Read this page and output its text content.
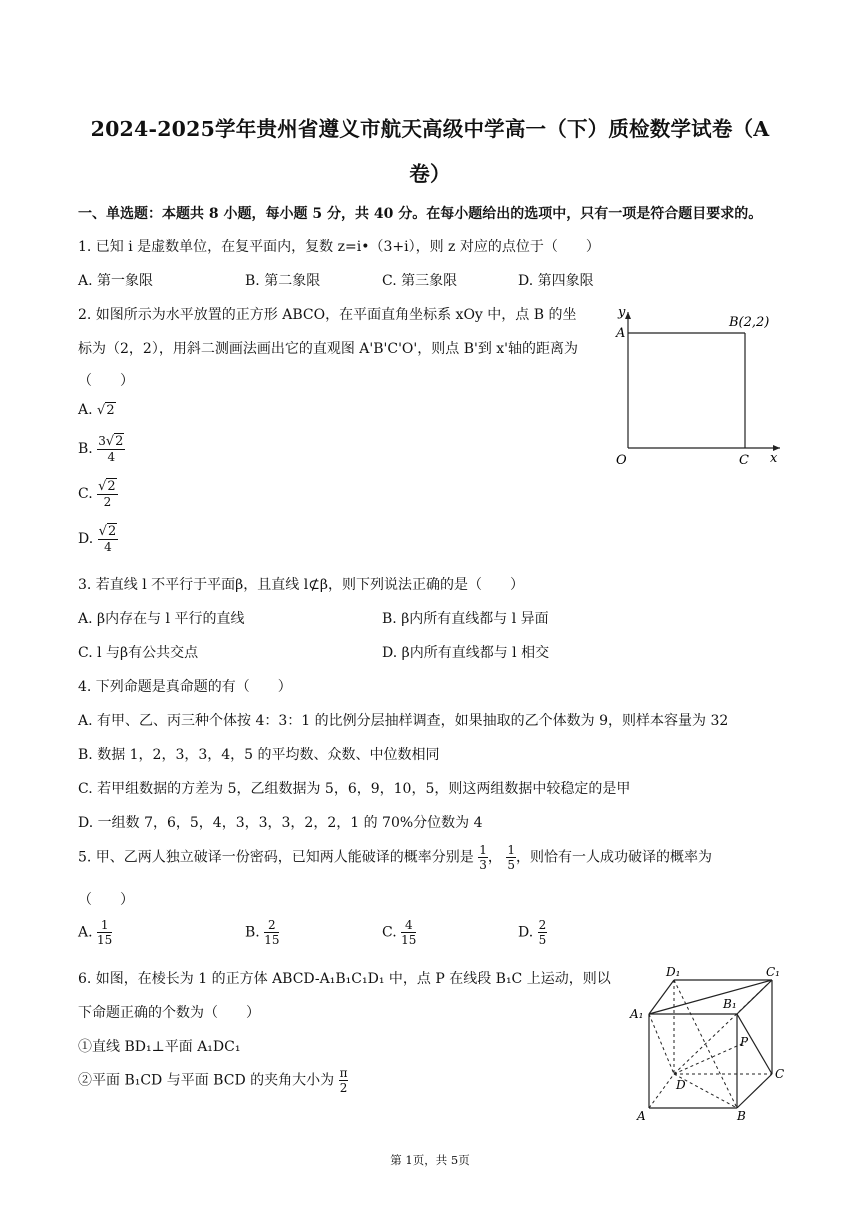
2024-2025学年贵州省遵义市航天高级中学高一（下）质检数学试卷（A
卷）
一、单选题：本题共 8 小题，每小题 5 分，共 40 分。在每小题给出的选项中，只有一项是符合题目要求的。
1. 已知 i 是虚数单位，在复平面内，复数 z=i•（3+i），则 z 对应的点位于（　　）
A. 第一象限	B. 第二象限	C. 第三象限	D. 第四象限
2. 如图所示为水平放置的正方形 ABCO，在平面直角坐标系 xOy 中，点 B 的坐
标为（2，2），用斜二测画法画出它的直观图 A'B'C'O'，则点 B'到 x'轴的距离为
（　　）
A. √2
B. $\frac{3√2}{4}$
C. $\frac{√2}{2}$
D. $\frac{√2}{4}$
y
A
B(2,2)
O	C x
3. 若直线 l 不平行于平面β，且直线 l⊄β，则下列说法正确的是（　　）
A. β内存在与 l 平行的直线	B. β内所有直线都与 l 异面
C. l 与β有公共交点	D. β内所有直线都与 l 相交
4. 下列命题是真命题的有（　　）
A. 有甲、乙、丙三种个体按 4：3：1 的比例分层抽样调查，如果抽取的乙个体数为 9，则样本容量为 32
B. 数据 1，2，3，3，4，5 的平均数、众数、中位数相同
C. 若甲组数据的方差为 5，乙组数据为 5，6，9，10，5，则这两组数据中较稳定的是甲
D. 一组数 7，6，5，4，3，3，3，2，2，1 的 70%分位数为 4
5. 甲、乙两人独立破译一份密码，已知两人能破译的概率分别是 $\frac{1}{3}$ ， $\frac{1}{5}$ ，则恰有一人成功破译的概率为
（　　）
A. $\frac{1}{15}$	B. $\frac{2}{15}$	C. $\frac{4}{15}$	D. $\frac{2}{5}$
6. 如图，在棱长为 1 的正方体 ABCD-A₁B₁C₁D₁ 中，点 P 在线段 B₁C 上运动，则以
下命题正确的个数为（　　）
①直线 BD₁⊥平面 A₁DC₁
②平面 B₁CD 与平面 BCD 的夹角大小为 $\frac{\pi}{2}$
D₁	C₁
B₁
A₁
P
D
C
A	B
第 1页，共 5页
